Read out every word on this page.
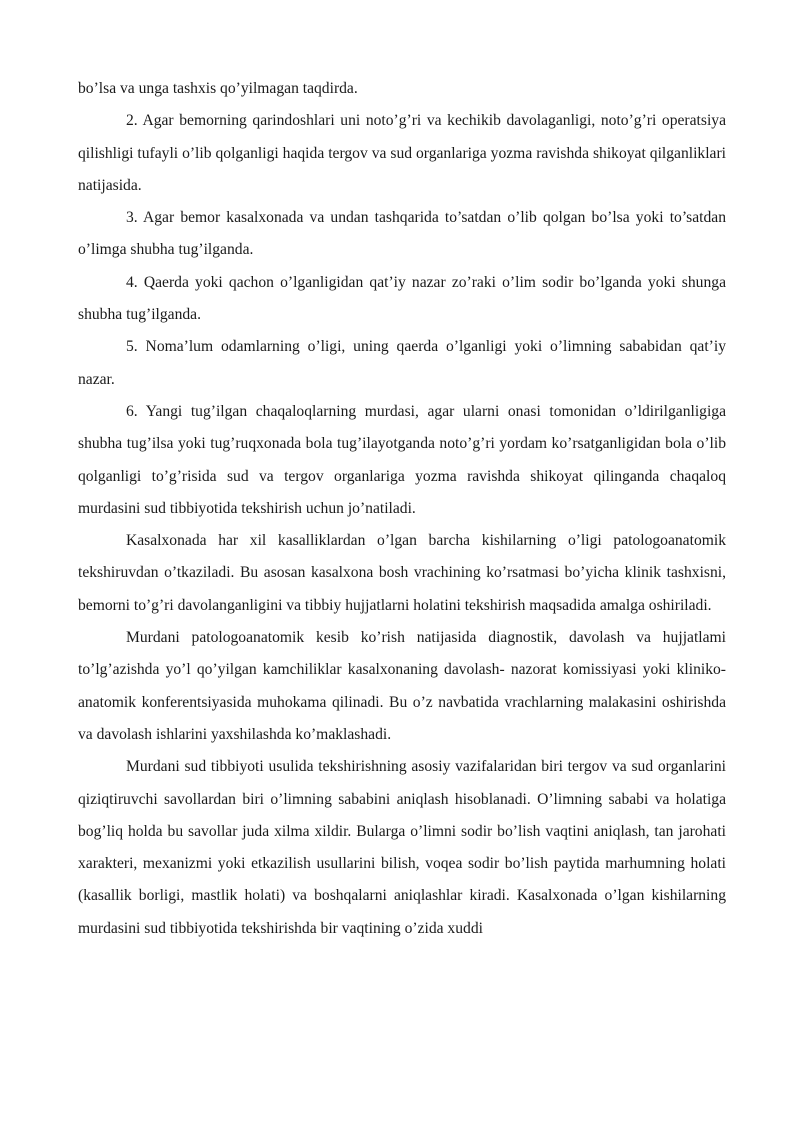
bo’lsa va unga tashxis qo’yilmagan taqdirda.

2. Agar bemorning qarindoshlari uni noto’g’ri va kechikib davolaganligi, noto’g’ri operatsiya qilishligi tufayli o’lib qolganligi haqida tergov va sud organlariga yozma ravishda shikoyat qilganliklari natijasida.

3. Agar bemor kasalxonada va undan tashqarida to’satdan o’lib qolgan bo’lsa yoki to’satdan o’limga shubha tug’ilganda.

4. Qaerda yoki qachon o’lganligidan qat’iy nazar zo’raki o’lim sodir bo’lganda yoki shunga shubha tug’ilganda.

5. Noma’lum odamlarning o’ligi, uning qaerda o’lganligi yoki o’limning sababidan qat’iy nazar.

6. Yangi tug’ilgan chaqaloqlarning murdasi, agar ularni onasi tomonidan o’ldirilganligiga shubha tug’ilsa yoki tug’ruqxonada bola tug’ilayotganda noto’g’ri yordam ko’rsatganligidan bola o’lib qolganligi to’g’risida sud va tergov organlariga yozma ravishda shikoyat qilinganda chaqaloq murdasini sud tibbiyotida tekshirish uchun jo’natiladi.

Kasalxonada har xil kasalliklardan o’lgan barcha kishilarning o’ligi patologoanatomik tekshiruvdan o’tkaziladi. Bu asosan kasalxona bosh vrachining ko’rsatmasi bo’yicha klinik tashxisni, bemorni to’g’ri davolanganligini va tibbiy hujjatlarni holatini tekshirish maqsadida amalga oshiriladi.

Murdani patologoanatomik kesib ko’rish natijasida diagnostik, davolash va hujjatlami to’lg’azishda yo’l qo’yilgan kamchiliklar kasalxonaning davolash- nazorat komissiyasi yoki kliniko-anatomik konferentsiyasida muhokama qilinadi. Bu o’z navbatida vrachlarning malakasini oshirishda va davolash ishlarini yaxshilashda ko’maklashadi.

Murdani sud tibbiyoti usulida tekshirishning asosiy vazifalaridan biri tergov va sud organlarini qiziqtiruvchi savollardan biri o’limning sababini aniqlash hisoblanadi. O’limning sababi va holatiga bog’liq holda bu savollar juda xilma xildir. Bularga o’limni sodir bo’lish vaqtini aniqlash, tan jarohati xarakteri, mexanizmi yoki etkazilish usullarini bilish, voqea sodir bo’lish paytida marhumning holati (kasallik borligi, mastlik holati) va boshqalarni aniqlashlar kiradi. Kasalxonada o’lgan kishilarning murdasini sud tibbiyotida tekshirishda bir vaqtining o’zida xuddi
